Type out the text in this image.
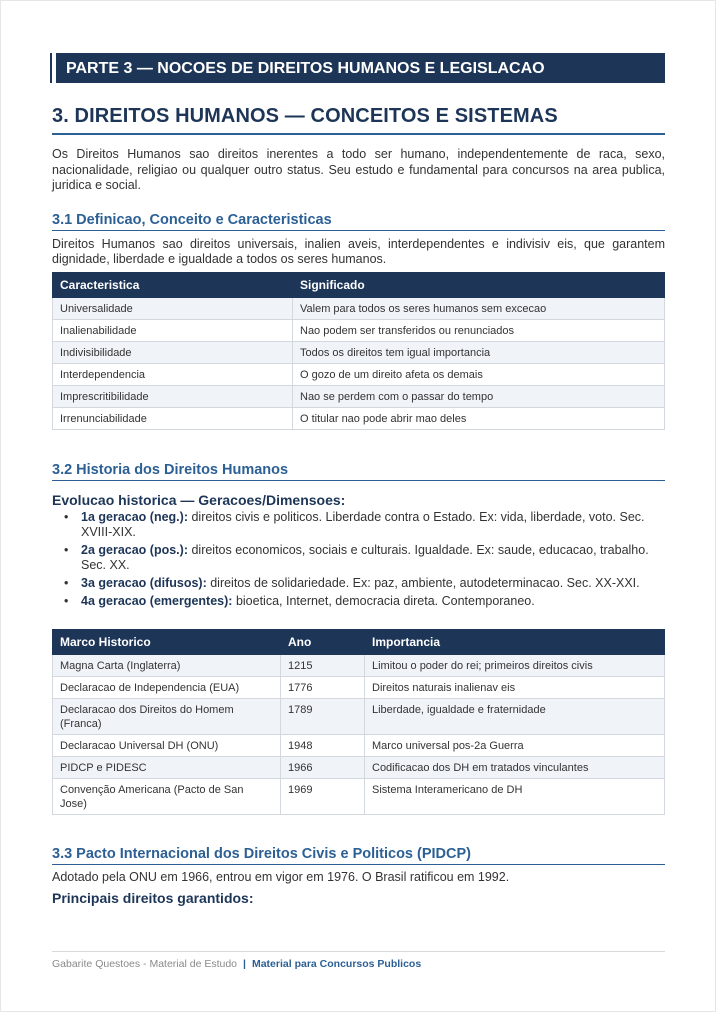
PARTE 3 — NOCOES DE DIREITOS HUMANOS E LEGISLACAO
3. DIREITOS HUMANOS — CONCEITOS E SISTEMAS

Os Direitos Humanos sao direitos inerentes a todo ser humano, independentemente de raca, sexo, nacionalidade, religiao ou qualquer outro status. Seu estudo e fundamental para concursos na area publica, juridica e social.

3.1 Definicao, Conceito e Caracteristicas

Direitos Humanos sao direitos universais, inalien aveis, interdependentes e indivisiv eis, que garantem dignidade, liberdade e igualdade a todos os seres humanos.

Caracteristica	Significado
Universalidade	Valem para todos os seres humanos sem excecao
Inalienabilidade	Nao podem ser transferidos ou renunciados
Indivisibilidade	Todos os direitos tem igual importancia
Interdependencia	O gozo de um direito afeta os demais
Imprescritibilidade	Nao se perdem com o passar do tempo
Irrenunciabilidade	O titular nao pode abrir mao deles
3.2 Historia dos Direitos Humanos
Evolucao historica — Geracoes/Dimensoes:
• 1a geracao (neg.): direitos civis e politicos. Liberdade contra o Estado. Ex: vida, liberdade, voto. Sec. XVIII-XIX.
• 2a geracao (pos.): direitos economicos, sociais e culturais. Igualdade. Ex: saude, educacao, trabalho. Sec. XX.
• 3a geracao (difusos): direitos de solidariedade. Ex: paz, ambiente, autodeterminacao. Sec. XX-XXI.
• 4a geracao (emergentes): bioetica, Internet, democracia direta. Contemporaneo.
Marco Historico	Ano	Importancia
Magna Carta (Inglaterra)	1215	Limitou o poder do rei; primeiros direitos civis
Declaracao de Independencia (EUA)	1776	Direitos naturais inalienav eis
Declaracao dos Direitos do Homem (Franca)	1789	Liberdade, igualdade e fraternidade
Declaracao Universal DH (ONU)	1948	Marco universal pos-2a Guerra
PIDCP e PIDESC	1966	Codificacao dos DH em tratados vinculantes
Convenção Americana (Pacto de San Jose)	1969	Sistema Interamericano de DH
3.3 Pacto Internacional dos Direitos Civis e Politicos (PIDCP)

Adotado pela ONU em 1966, entrou em vigor em 1976. O Brasil ratificou em 1992.

Principais direitos garantidos:
Gabarite Questoes - Material de Estudo | Material para Concursos Publicos
